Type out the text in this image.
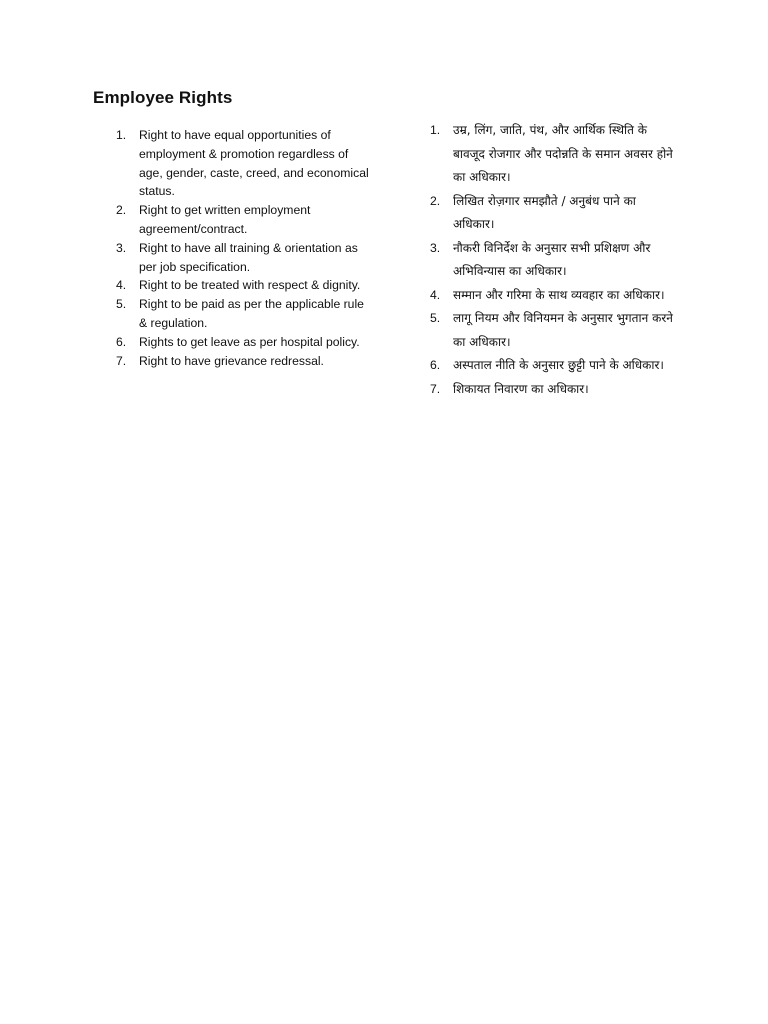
Employee Rights
1. Right to have equal opportunities of employment & promotion regardless of age, gender, caste, creed, and economical status.
2. Right to get written employment agreement/contract.
3. Right to have all training & orientation as per job specification.
4. Right to be treated with respect & dignity.
5. Right to be paid as per the applicable rule & regulation.
6. Rights to get leave as per hospital policy.
7. Right to have grievance redressal.
1. उम्र, लिंग, जाति, पंथ, और आर्थिक स्थिति के बावजूद रोजगार और पदोन्नति के समान अवसर होने का अधिकार।
2. लिखित रोज़गार समझौते / अनुबंध पाने का अधिकार।
3. नौकरी विनिर्देश के अनुसार सभी प्रशिक्षण और अभिविन्यास का अधिकार।
4. सम्मान और गरिमा के साथ व्यवहार का अधिकार।
5. लागू नियम और विनियमन के अनुसार भुगतान करने का अधिकार।
6. अस्पताल नीति के अनुसार छुट्टी पाने के अधिकार।
7. शिकायत निवारण का अधिकार।
